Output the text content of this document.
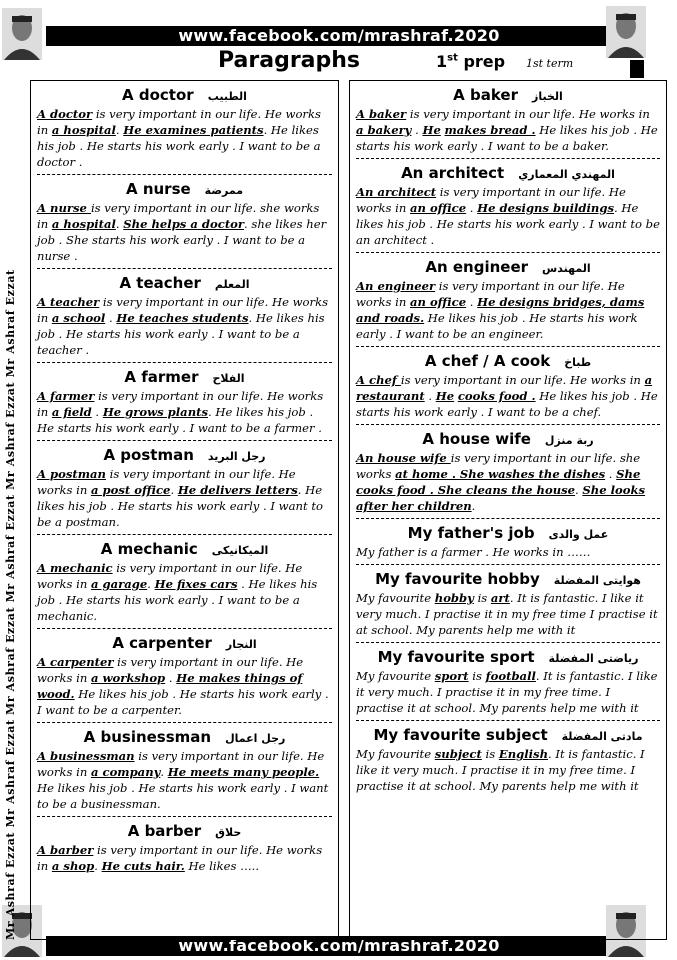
www.facebook.com/mrashraf.2020
www.facebook.com/mrashraf.2020
Mr Ashraf Ezzat Mr Ashraf Ezzat Mr Ashraf Ezzat Mr Ashraf Ezzat Mr Ashraf Ezzat Mr Ashraf Ezzat
Paragraphs	1st prep 1st term
A doctor الطبيب
A doctor is very important in our life. He works in a hospital. He examines patients. He likes his job . He starts his work early . I want to be a doctor .
A nurse ممرضة
A nurse is very important in our life. she works in a hospital. She helps a doctor. she likes her job . She starts his work early . I want to be a nurse .
A teacher المعلم
A teacher is very important in our life. He works in a school . He teaches students. He likes his job . He starts his work early . I want to be a teacher .
A farmer الفلاح
A farmer is very important in our life. He works in a field . He grows plants. He likes his job . He starts his work early . I want to be a farmer .
A postman رجل البريد
A postman is very important in our life. He works in a post office. He delivers letters. He likes his job . He starts his work early . I want to be a postman.
A mechanic الميكانيكى
A mechanic is very important in our life. He works in a garage. He fixes cars . He likes his job . He starts his work early . I want to be a mechanic.
A carpenter النجار
A carpenter is very important in our life. He works in a workshop . He makes things of wood. He likes his job . He starts his work early . I want to be a carpenter.
A businessman رجل اعمال
A businessman is very important in our life. He works in a company. He meets many people. He likes his job . He starts his work early . I want to be a businessman.
A barber حلاق
A barber is very important in our life. He works in a shop. He cuts hair. He likes …..
A baker الخباز
A baker is very important in our life. He works in a bakery . He makes bread . He likes his job . He starts his work early . I want to be a baker.
An architect المهندي المعماري
An architect is very important in our life. He works in an office . He designs buildings. He likes his job . He starts his work early . I want to be an architect .
An engineer المهندس
An engineer is very important in our life. He works in an office . He designs bridges, dams and roads. He likes his job . He starts his work early . I want to be an engineer.
A chef / A cook طباخ
A chef is very important in our life. He works in a restaurant . He cooks food . He likes his job . He starts his work early . I want to be a chef.
A house wife ربة منزل
An house wife is very important in our life. she works at home . She washes the dishes . She cooks food . She cleans the house. She looks after her children.
My father's job عمل والدى
My father is a farmer . He works in ……
My favourite hobby هوايتى المفضلة
My favourite hobby is art. It is fantastic. I like it very much. I practise it in my free time I practise it at school. My parents help me with it
My favourite sport رياضتى المفضلة
My favourite sport is football. It is fantastic. I like it very much. I practise it in my free time. I practise it at school. My parents help me with it
My favourite subject مادتى المفضلة
My favourite subject is English. It is fantastic. I like it very much. I practise it in my free time. I practise it at school. My parents help me with it
